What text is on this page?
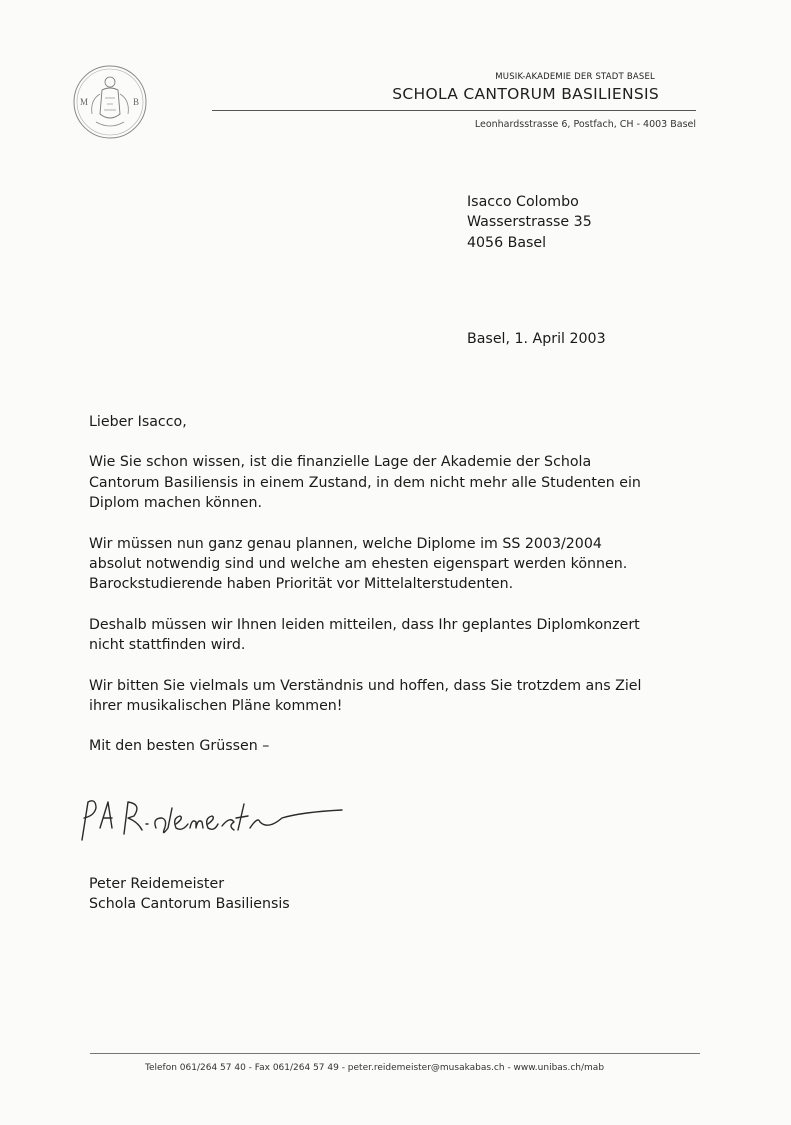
M	B
MUSIK-AKADEMIE DER STADT BASEL
SCHOLA CANTORUM BASILIENSIS
Leonhardsstrasse 6, Postfach, CH - 4003 Basel
Isacco Colombo
Wasserstrasse 35
4056 Basel
Basel, 1. April 2003

Lieber Isacco,

Wie Sie schon wissen, ist die finanzielle Lage der Akademie der Schola
Cantorum Basiliensis in einem Zustand, in dem nicht mehr alle Studenten ein
Diplom machen können.

Wir müssen nun ganz genau plannen, welche Diplome im SS 2003/2004
absolut notwendig sind und welche am ehesten eigenspart werden können.
Barockstudierende haben Priorität vor Mittelalterstudenten.

Deshalb müssen wir Ihnen leiden mitteilen, dass Ihr geplantes Diplomkonzert
nicht stattfinden wird.

Wir bitten Sie vielmals um Verständnis und hoffen, dass Sie trotzdem ans Ziel
ihrer musikalischen Pläne kommen!

Mit den besten Grüssen –

Peter Reidemeister
Schola Cantorum Basiliensis
Telefon 061/264 57 40 - Fax 061/264 57 49 - peter.reidemeister@musakabas.ch - www.unibas.ch/mab
